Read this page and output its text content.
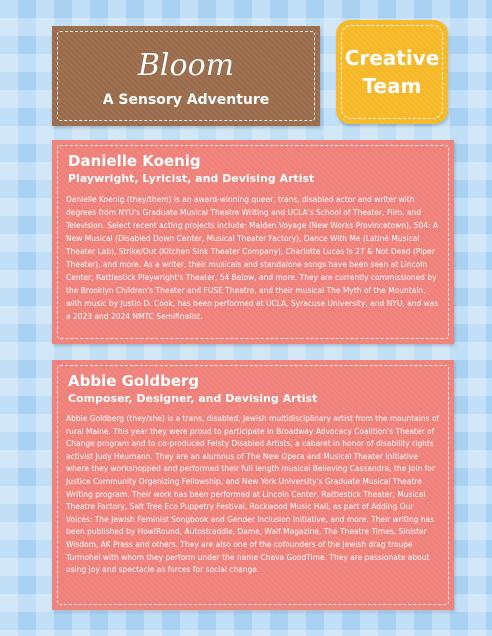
Bloom
A Sensory Adventure
Creative
Team
Danielle Koenig
Playwright, Lyricist, and Devising Artist
Danielle Koenig (they/them) is an award-winning queer, trans, disabled actor and writer with degrees from NYU's Graduate Musical Theatre Writing and UCLA's School of Theater, Film, and Television. Select recent acting projects include: Maiden Voyage (New Works Provincetown), 504: A New Musical (Disabled Down Center, Musical Theater Factory), Dance With Me (Latiné Musical Theater Lab), Strike/Out (Kitchen Sink Theater Company), Charlotte Lucas Is 27 & Not Dead (Piper Theater), and more. As a writer, their musicals and standalone songs have been seen at Lincoln Center, Rattlestick Playwright's Theater, 54 Below, and more. They are currently commissioned by the Brooklyn Children's Theater and FUSE Theatre, and their musical The Myth of the Mountain, with music by Justin D. Cook, has been performed at UCLA, Syracuse University, and NYU, and was a 2023 and 2024 NMTC Semifinalist.
Abbie Goldberg
Composer, Designer, and Devising Artist
Abbie Goldberg (they/she) is a trans, disabled, Jewish multidisciplinary artist from the mountains of rural Maine. This year they were proud to participate in Broadway Advocacy Coalition's Theater of Change program and to co-produced Feisty Disabled Artists, a cabaret in honor of disability rights activist Judy Heumann. They are an alumnus of The New Opera and Musical Theater Initiative where they workshopped and performed their full length musical Believing Cassandra, the Join for Justice Community Organizing Fellowship, and New York University's Graduate Musical Theatre Writing program. Their work has been performed at Lincoln Center, Rattlestick Theater, Musical Theatre Factory, Salt Tree Eco Puppetry Festival, Rockwood Music Hall, as part of Adding Our Voices: The Jewish Feminist Songbook and Gender Inclusion Initiative, and more. Their writing has been published by HowlRound, Autostraddle, Dame, Waif Magazine, The Theatre Times, Sinister Wisdom, AK Press and others. They are also one of the cofounders of the Jewish drag troupe Turmohel with whom they perform under the name Chava GoodTime. They are passionate about using joy and spectacle as forces for social change.
